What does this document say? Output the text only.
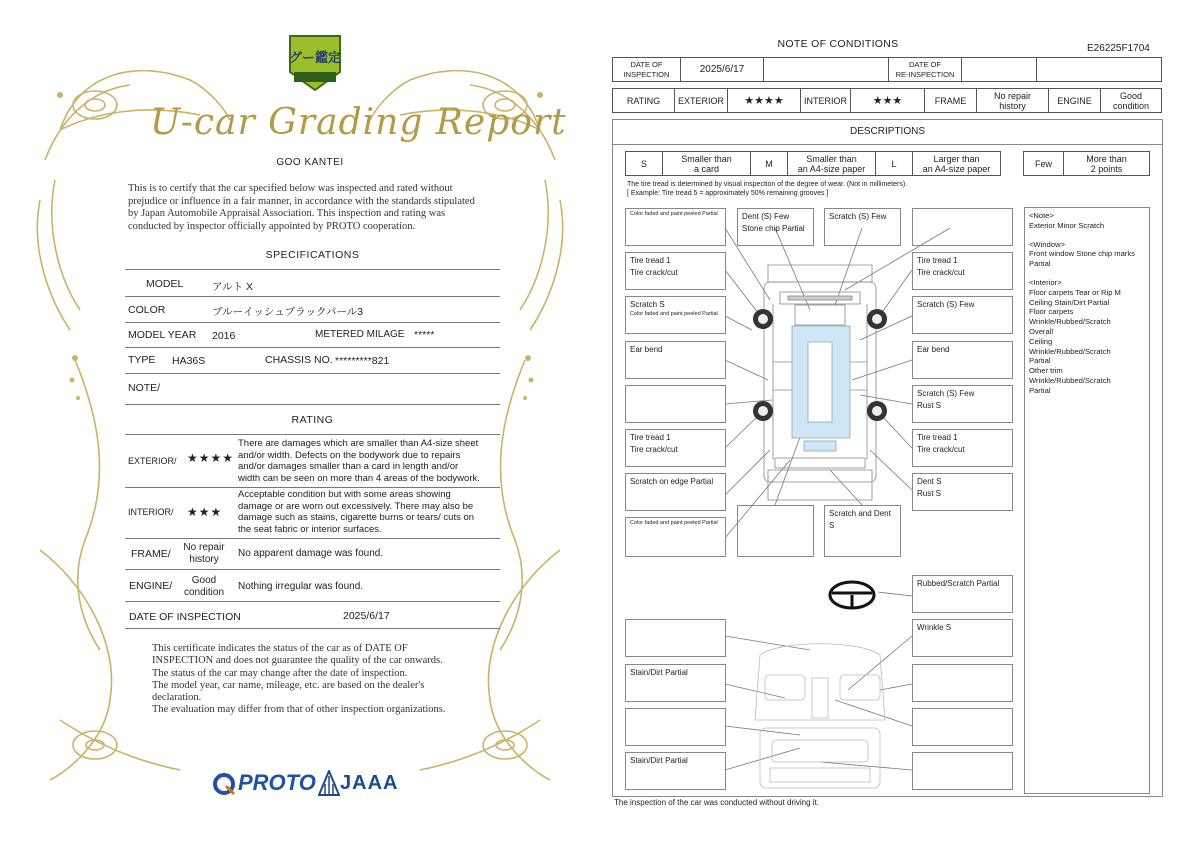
グー鑑定
U-car Grading Report
GOO KANTEI
This is to certify that the car specified below was inspected and rated without
prejudice or influence in a fair manner, in accordance with the standards stipulated
by Japan Automobile Appraisal Association. This inspection and rating was
conducted by inspector officially appointed by PROTO cooperation.
SPECIFICATIONS
MODEL	アルト X
COLOR	ブルーイッシュブラックパール3
MODEL YEAR 2016	METERED MILAGE *****
TYPE HA36S	CHASSIS NO. *********821
NOTE/
RATING
EXTERIOR/ ★★★★
There are damages which are smaller than A4-size sheet
and/or width. Defects on the bodywork due to repairs
and/or damages smaller than a card in length and/or
width can be seen on more than 4 areas of the bodywork.
INTERIOR/ ★★★
Acceptable condition but with some areas showing
damage or are worn out excessively. There may also be
damage such as stains, cigarette burns or tears/ cuts on
the seat fabric or interior surfaces.
FRAME/
No repair
history	No apparent damage was found.
ENGINE/	Good
condition	Nothing irregular was found.
DATE OF INSPECTION	2025/6/17
This certificate indicates the status of the car as of DATE OF
INSPECTION and does not guarantee the quality of the car onwards.
The status of the car may change after the date of inspection.
The model year, car name, mileage, etc. are based on the dealer's
declaration.
The evaluation may differ from that of other inspection organizations.
PROTO JAAA
NOTE OF CONDITIONS	E26225F1704
DATE OF
INSPECTION	2025/6/17	DATE OF
RE-INSPECTION
RATING	EXTERIOR	★★★★	INTERIOR	★★★	FRAME	No repair
history	ENGINE	Good
condition
DESCRIPTIONS
S	Smaller than
a card	M	Smaller than
an A4-size paper	L	Larger than
an A4-size paper	Few	More than
2 points
The tire tread is determined by visual inspection of the degree of wear. (Not in millimeters).
[ Example: Tire tread 5 = approximately 50% remaining grooves ]
Color faded and paint peeled Partial
Tire tread 1
Tire crack/cut
Scratch S
Color faded and paint peeled Partial
Ear bend
Tire tread 1
Tire crack/cut
Scratch on edge Partial
Color faded and paint peeled Partial
Dent (S) Few
Stone chip Partial
Scratch (S) Few
Tire tread 1
Tire crack/cut
Scratch (S) Few
Ear bend
Scratch (S) Few
Rust S
Tire tread 1
Tire crack/cut
Dent S
Rust S
Scratch and Dent S
Rubbed/Scratch Partial
Wrinkle S
Stain/Dirt Partial
Stain/Dirt Partial
<Note>
Exterior Minor Scratch
<Window>
Front window Stone chip marks
Partial
<Interior>
Floor carpets Tear or Rip M
Ceiling Stain/Dirt Partial
Floor carpets
Wrinkle/Rubbed/Scratch
Overall
Ceiling
Wrinkle/Rubbed/Scratch
Partial
Other trim
Wrinkle/Rubbed/Scratch
Partial
The inspection of the car was conducted without driving it.
